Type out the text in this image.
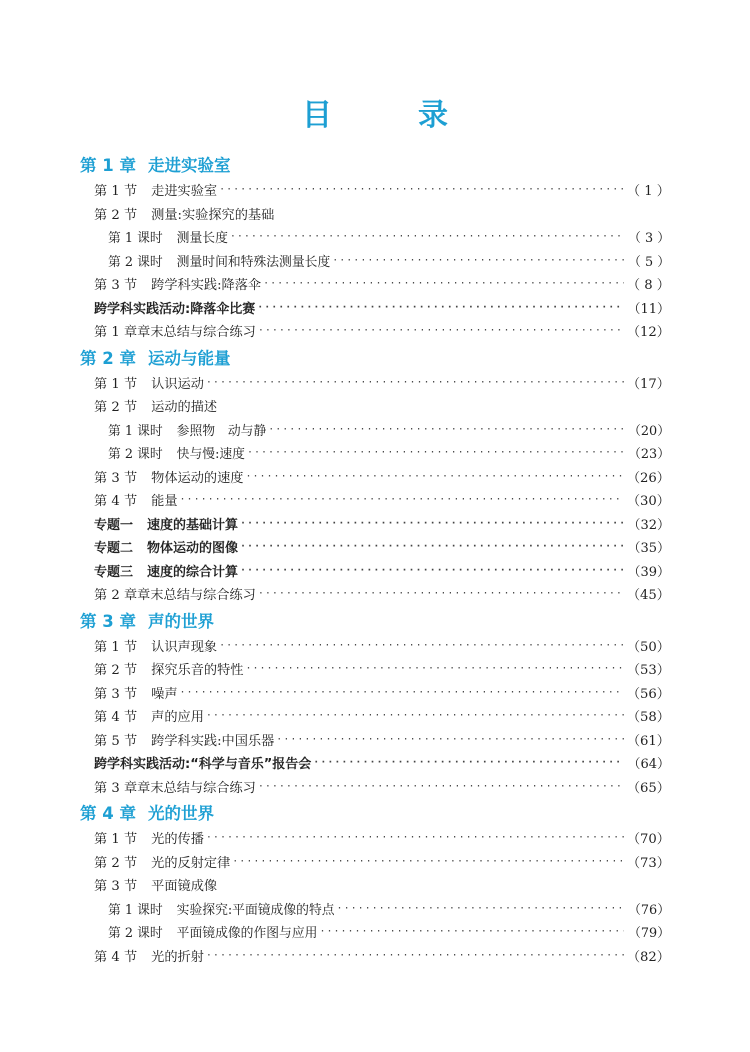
目　录
第 1 章 走进实验室
第 1 节	走进实验室 ·····	（ 1 ）
第 2 节	测量:实验探究的基础
第 1 课时	测量长度 ·····	（ 3 ）
第 2 课时	测量时间和特殊法测量长度 ·····	（ 5 ）
第 3 节	跨学科实践:降落伞 ·····	（ 8 ）
跨学科实践活动:降落伞比赛 ·····	（11）
第 1 章章末总结与综合练习 ·····	（12）
第 2 章 运动与能量
第 1 节	认识运动 ·····	（17）
第 2 节	运动的描述
第 1 课时	参照物　动与静 ·····	（20）
第 2 课时	快与慢:速度 ·····	（23）
第 3 节	物体运动的速度 ·····	（26）
第 4 节	能量 ·····	（30）
专题一	速度的基础计算 ·····	（32）
专题二	物体运动的图像 ·····	（35）
专题三	速度的综合计算 ·····	（39）
第 2 章章末总结与综合练习 ·····	（45）
第 3 章 声的世界
第 1 节	认识声现象 ·····	（50）
第 2 节	探究乐音的特性 ·····	（53）
第 3 节	噪声 ·····	（56）
第 4 节	声的应用 ·····	（58）
第 5 节	跨学科实践:中国乐器 ·····	（61）
跨学科实践活动:“科学与音乐”报告会 ·····	（64）
第 3 章章末总结与综合练习 ·····	（65）
第 4 章 光的世界
第 1 节	光的传播 ·····	（70）
第 2 节	光的反射定律 ·····	（73）
第 3 节	平面镜成像
第 1 课时	实验探究:平面镜成像的特点 ·····	（76）
第 2 课时	平面镜成像的作图与应用 ·····	（79）
第 4 节	光的折射 ·····	（82）
